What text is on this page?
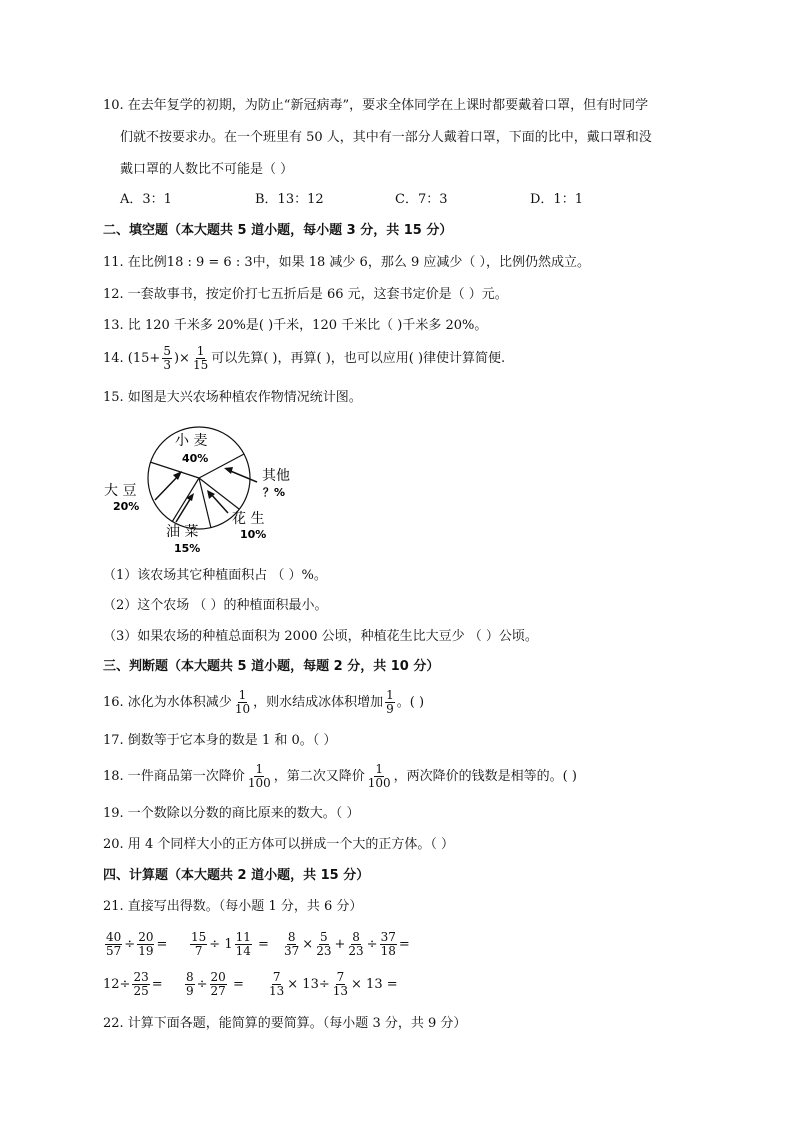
10. 在去年复学的初期，为防止“新冠病毒”，要求全体同学在上课时都要戴着口罩，但有时同学
们就不按要求办。在一个班里有 50 人，其中有一部分人戴着口罩，下面的比中，戴口罩和没
戴口罩的人数比不可能是（ ）
A．3：1	B．13：12	C．7：3	D．1：1
二、填空题（本大题共 5 道小题，每小题 3 分，共 15 分）
11. 在比例18 : 9 = 6 : 3中，如果 18 减少 6，那么 9 应减少（ ），比例仍然成立。
12. 一套故事书，按定价打七五折后是 66 元，这套书定价是（ ）元。
13. 比 120 千米多 20%是( )千米，120 千米比（ )千米多 20%。
14. ($15+ \frac{5}{3}$ )× $\frac{1}{15}$ 可以先算( )，再算( )，也可以应用( )律使计算简便.
15. 如图是大兴农场种植农作物情况统计图。
小 麦
40%
大 豆
20%
油 菜
15%
花 生
10%
其他
？%
（1）该农场其它种植面积占 （ ）%。
（2）这个农场 （ ）的种植面积最小。
（3）如果农场的种植总面积为 2000 公顷，种植花生比大豆少 （ ）公顷。
三、判断题（本大题共 5 道小题，每题 2 分，共 10 分）
16. 冰化为水体积减少 $\frac{1}{10}$ ，则水结成冰体积增加 $\frac{1}{9}$ 。( )
17. 倒数等于它本身的数是 1 和 0。（ ）
18. 一件商品第一次降价 $\frac{1}{100}$ ，第二次又降价 $\frac{1}{100}$ ，两次降价的钱数是相等的。( )
19. 一个数除以分数的商比原来的数大。（ ）
20. 用 4 个同样大小的正方体可以拼成一个大的正方体。（ ）
四、计算题（本大题共 2 道小题，共 15 分）
21. 直接写出得数。（每小题 1 分，共 6 分）
$\frac{40}{57} \div \frac{20}{19} = \frac{15}{7} \div 1 \frac{11}{14} = \frac{8}{37} \times \frac{5}{23} + \frac{8}{23} \div \frac{37}{18}$ =
$12\div \frac{23}{25} = \frac{8}{9} \div \frac{20}{27} = \frac{7}{13} \times 13\div \frac{7}{13} \times 13$ =
22. 计算下面各题，能简算的要简算。（每小题 3 分，共 9 分）
